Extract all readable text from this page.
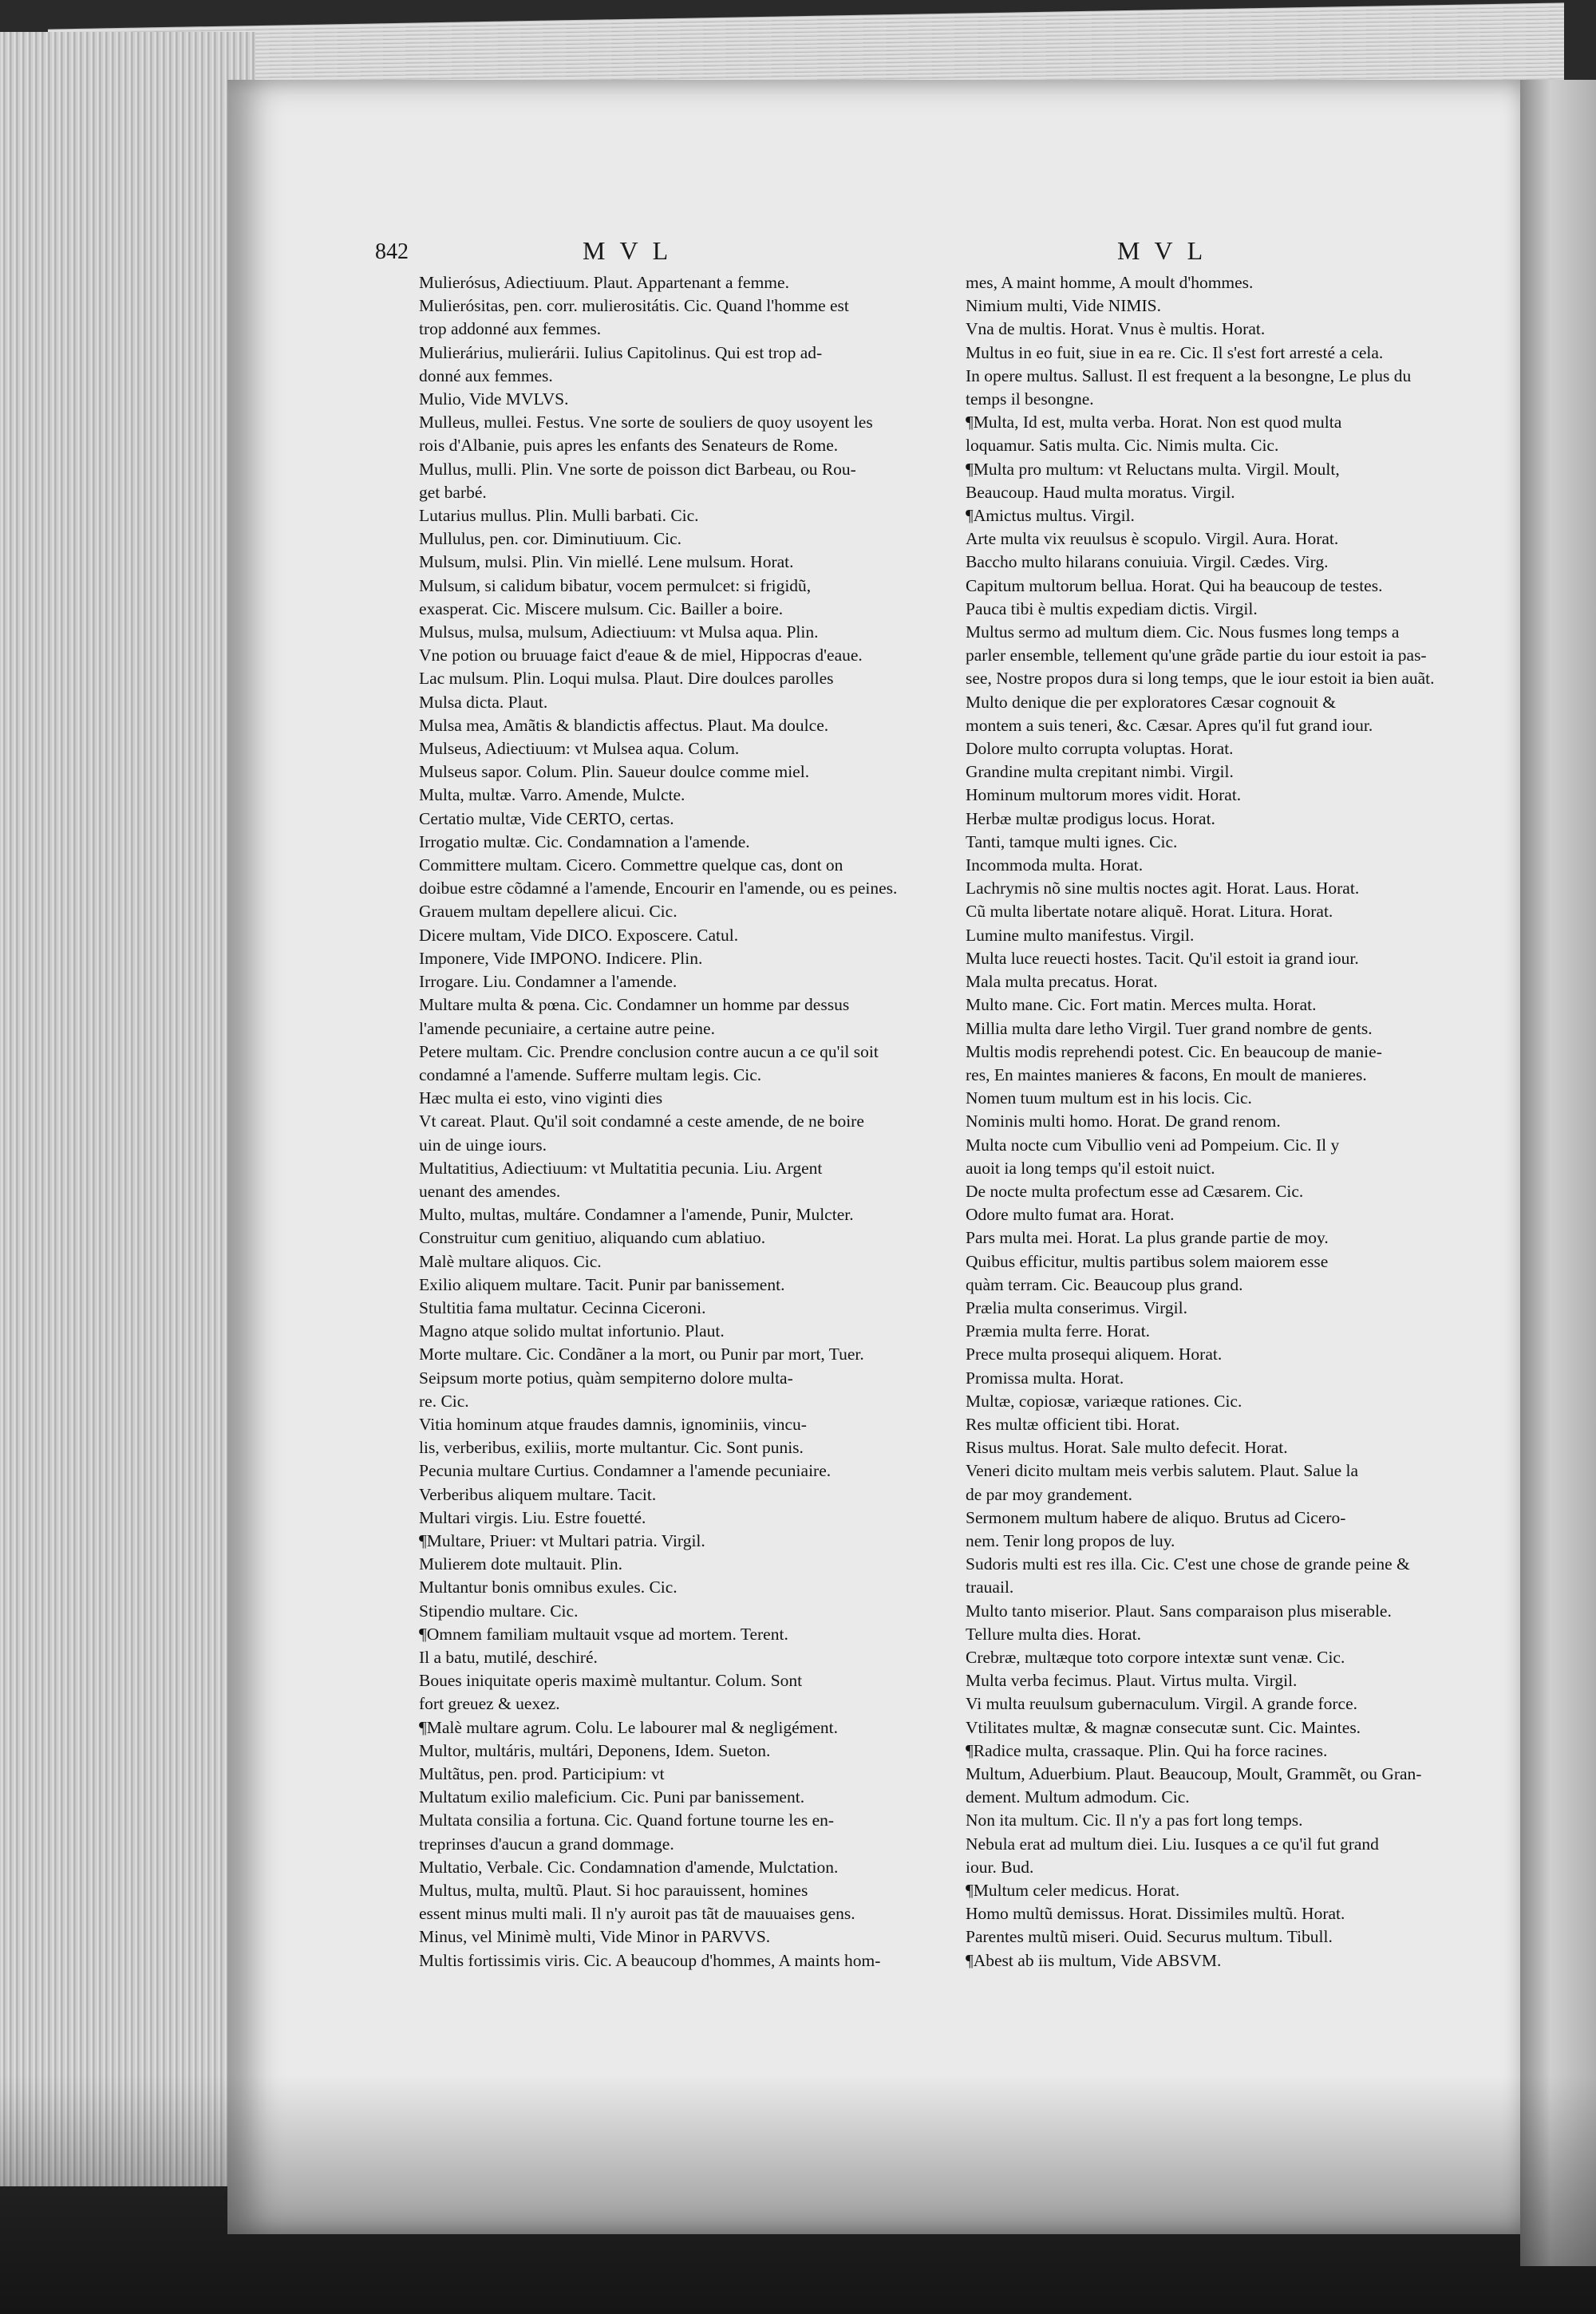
842	MVL	MVL
Mulierósus, Adiectiuum. Plaut. Appartenant a femme.
Mulierósitas, pen. corr. mulierositátis. Cic. Quand l'homme est
trop addonné aux femmes.
Mulierárius, mulierárii. Iulius Capitolinus. Qui est trop ad-
donné aux femmes.
Mulio, Vide MVLVS.
Mulleus, mullei. Festus. Vne sorte de souliers de quoy usoyent les
rois d'Albanie, puis apres les enfants des Senateurs de Rome.
Mullus, mulli. Plin. Vne sorte de poisson dict Barbeau, ou Rou-
get barbé.
Lutarius mullus. Plin. Mulli barbati. Cic.
Mullulus, pen. cor. Diminutiuum. Cic.
Mulsum, mulsi. Plin. Vin miellé. Lene mulsum. Horat.
Mulsum, si calidum bibatur, vocem permulcet: si frigidũ,
exasperat. Cic. Miscere mulsum. Cic. Bailler a boire.
Mulsus, mulsa, mulsum, Adiectiuum: vt Mulsa aqua. Plin.
Vne potion ou bruuage faict d'eaue & de miel, Hippocras d'eaue.
Lac mulsum. Plin. Loqui mulsa. Plaut. Dire doulces parolles
Mulsa dicta. Plaut.
Mulsa mea, Amãtis & blandictis affectus. Plaut. Ma doulce.
Mulseus, Adiectiuum: vt Mulsea aqua. Colum.
Mulseus sapor. Colum. Plin. Saueur doulce comme miel.
Multa, multæ. Varro. Amende, Mulcte.
Certatio multæ, Vide CERTO, certas.
Irrogatio multæ. Cic. Condamnation a l'amende.
Committere multam. Cicero. Commettre quelque cas, dont on
doibue estre cõdamné a l'amende, Encourir en l'amende, ou es peines.
Grauem multam depellere alicui. Cic.
Dicere multam, Vide DICO. Exposcere. Catul.
Imponere, Vide IMPONO. Indicere. Plin.
Irrogare. Liu. Condamner a l'amende.
Multare multa & pœna. Cic. Condamner un homme par dessus
l'amende pecuniaire, a certaine autre peine.
Petere multam. Cic. Prendre conclusion contre aucun a ce qu'il soit
condamné a l'amende. Sufferre multam legis. Cic.
Hæc multa ei esto, vino viginti dies
Vt careat. Plaut. Qu'il soit condamné a ceste amende, de ne boire
uin de uinge iours.
Multatitius, Adiectiuum: vt Multatitia pecunia. Liu. Argent
uenant des amendes.
Multo, multas, multáre. Condamner a l'amende, Punir, Mulcter.
Construitur cum genitiuo, aliquando cum ablatiuo.
Malè multare aliquos. Cic.
Exilio aliquem multare. Tacit. Punir par banissement.
Stultitia fama multatur. Cecinna Ciceroni.
Magno atque solido multat infortunio. Plaut.
Morte multare. Cic. Condãner a la mort, ou Punir par mort, Tuer.
Seipsum morte potius, quàm sempiterno dolore multa-
re. Cic.
Vitia hominum atque fraudes damnis, ignominiis, vincu-
lis, verberibus, exiliis, morte multantur. Cic. Sont punis.
Pecunia multare Curtius. Condamner a l'amende pecuniaire.
Verberibus aliquem multare. Tacit.
Multari virgis. Liu. Estre fouetté.
¶Multare, Priuer: vt Multari patria. Virgil.
Mulierem dote multauit. Plin.
Multantur bonis omnibus exules. Cic.
Stipendio multare. Cic.
¶Omnem familiam multauit vsque ad mortem. Terent.
Il a batu, mutilé, deschiré.
Boues iniquitate operis maximè multantur. Colum. Sont
fort greuez & uexez.
¶Malè multare agrum. Colu. Le labourer mal & negligément.
Multor, multáris, multári, Deponens, Idem. Sueton.
Multãtus, pen. prod. Participium: vt
Multatum exilio maleficium. Cic. Puni par banissement.
Multata consilia a fortuna. Cic. Quand fortune tourne les en-
treprinses d'aucun a grand dommage.
Multatio, Verbale. Cic. Condamnation d'amende, Mulctation.
Multus, multa, multũ. Plaut. Si hoc parauissent, homines
essent minus multi mali. Il n'y auroit pas tãt de mauuaises gens.
Minus, vel Minimè multi, Vide Minor in PARVVS.
Multis fortissimis viris. Cic. A beaucoup d'hommes, A maints hom-
mes, A maint homme, A moult d'hommes.
Nimium multi, Vide NIMIS.
Vna de multis. Horat. Vnus è multis. Horat.
Multus in eo fuit, siue in ea re. Cic. Il s'est fort arresté a cela.
In opere multus. Sallust. Il est frequent a la besongne, Le plus du
temps il besongne.
¶Multa, Id est, multa verba. Horat. Non est quod multa
loquamur. Satis multa. Cic. Nimis multa. Cic.
¶Multa pro multum: vt Reluctans multa. Virgil. Moult,
Beaucoup. Haud multa moratus. Virgil.
¶Amictus multus. Virgil.
Arte multa vix reuulsus è scopulo. Virgil. Aura. Horat.
Baccho multo hilarans conuiuia. Virgil. Cædes. Virg.
Capitum multorum bellua. Horat. Qui ha beaucoup de testes.
Pauca tibi è multis expediam dictis. Virgil.
Multus sermo ad multum diem. Cic. Nous fusmes long temps a
parler ensemble, tellement qu'une grãde partie du iour estoit ia pas-
see, Nostre propos dura si long temps, que le iour estoit ia bien auãt.
Multo denique die per exploratores Cæsar cognouit &
montem a suis teneri, &c. Cæsar. Apres qu'il fut grand iour.
Dolore multo corrupta voluptas. Horat.
Grandine multa crepitant nimbi. Virgil.
Hominum multorum mores vidit. Horat.
Herbæ multæ prodigus locus. Horat.
Tanti, tamque multi ignes. Cic.
Incommoda multa. Horat.
Lachrymis nõ sine multis noctes agit. Horat. Laus. Horat.
Cũ multa libertate notare aliquẽ. Horat. Litura. Horat.
Lumine multo manifestus. Virgil.
Multa luce reuecti hostes. Tacit. Qu'il estoit ia grand iour.
Mala multa precatus. Horat.
Multo mane. Cic. Fort matin. Merces multa. Horat.
Millia multa dare letho Virgil. Tuer grand nombre de gents.
Multis modis reprehendi potest. Cic. En beaucoup de manie-
res, En maintes manieres & facons, En moult de manieres.
Nomen tuum multum est in his locis. Cic.
Nominis multi homo. Horat. De grand renom.
Multa nocte cum Vibullio veni ad Pompeium. Cic. Il y
auoit ia long temps qu'il estoit nuict.
De nocte multa profectum esse ad Cæsarem. Cic.
Odore multo fumat ara. Horat.
Pars multa mei. Horat. La plus grande partie de moy.
Quibus efficitur, multis partibus solem maiorem esse
quàm terram. Cic. Beaucoup plus grand.
Prælia multa conserimus. Virgil.
Præmia multa ferre. Horat.
Prece multa prosequi aliquem. Horat.
Promissa multa. Horat.
Multæ, copiosæ, variæque rationes. Cic.
Res multæ officient tibi. Horat.
Risus multus. Horat. Sale multo defecit. Horat.
Veneri dicito multam meis verbis salutem. Plaut. Salue la
de par moy grandement.
Sermonem multum habere de aliquo. Brutus ad Cicero-
nem. Tenir long propos de luy.
Sudoris multi est res illa. Cic. C'est une chose de grande peine &
trauail.
Multo tanto miserior. Plaut. Sans comparaison plus miserable.
Tellure multa dies. Horat.
Crebræ, multæque toto corpore intextæ sunt venæ. Cic.
Multa verba fecimus. Plaut. Virtus multa. Virgil.
Vi multa reuulsum gubernaculum. Virgil. A grande force.
Vtilitates multæ, & magnæ consecutæ sunt. Cic. Maintes.
¶Radice multa, crassaque. Plin. Qui ha force racines.
Multum, Aduerbium. Plaut. Beaucoup, Moult, Grammẽt, ou Gran-
dement. Multum admodum. Cic.
Non ita multum. Cic. Il n'y a pas fort long temps.
Nebula erat ad multum diei. Liu. Iusques a ce qu'il fut grand
iour. Bud.
¶Multum celer medicus. Horat.
Homo multũ demissus. Horat. Dissimiles multũ. Horat.
Parentes multũ miseri. Ouid. Securus multum. Tibull.
¶Abest ab iis multum, Vide ABSVM.
